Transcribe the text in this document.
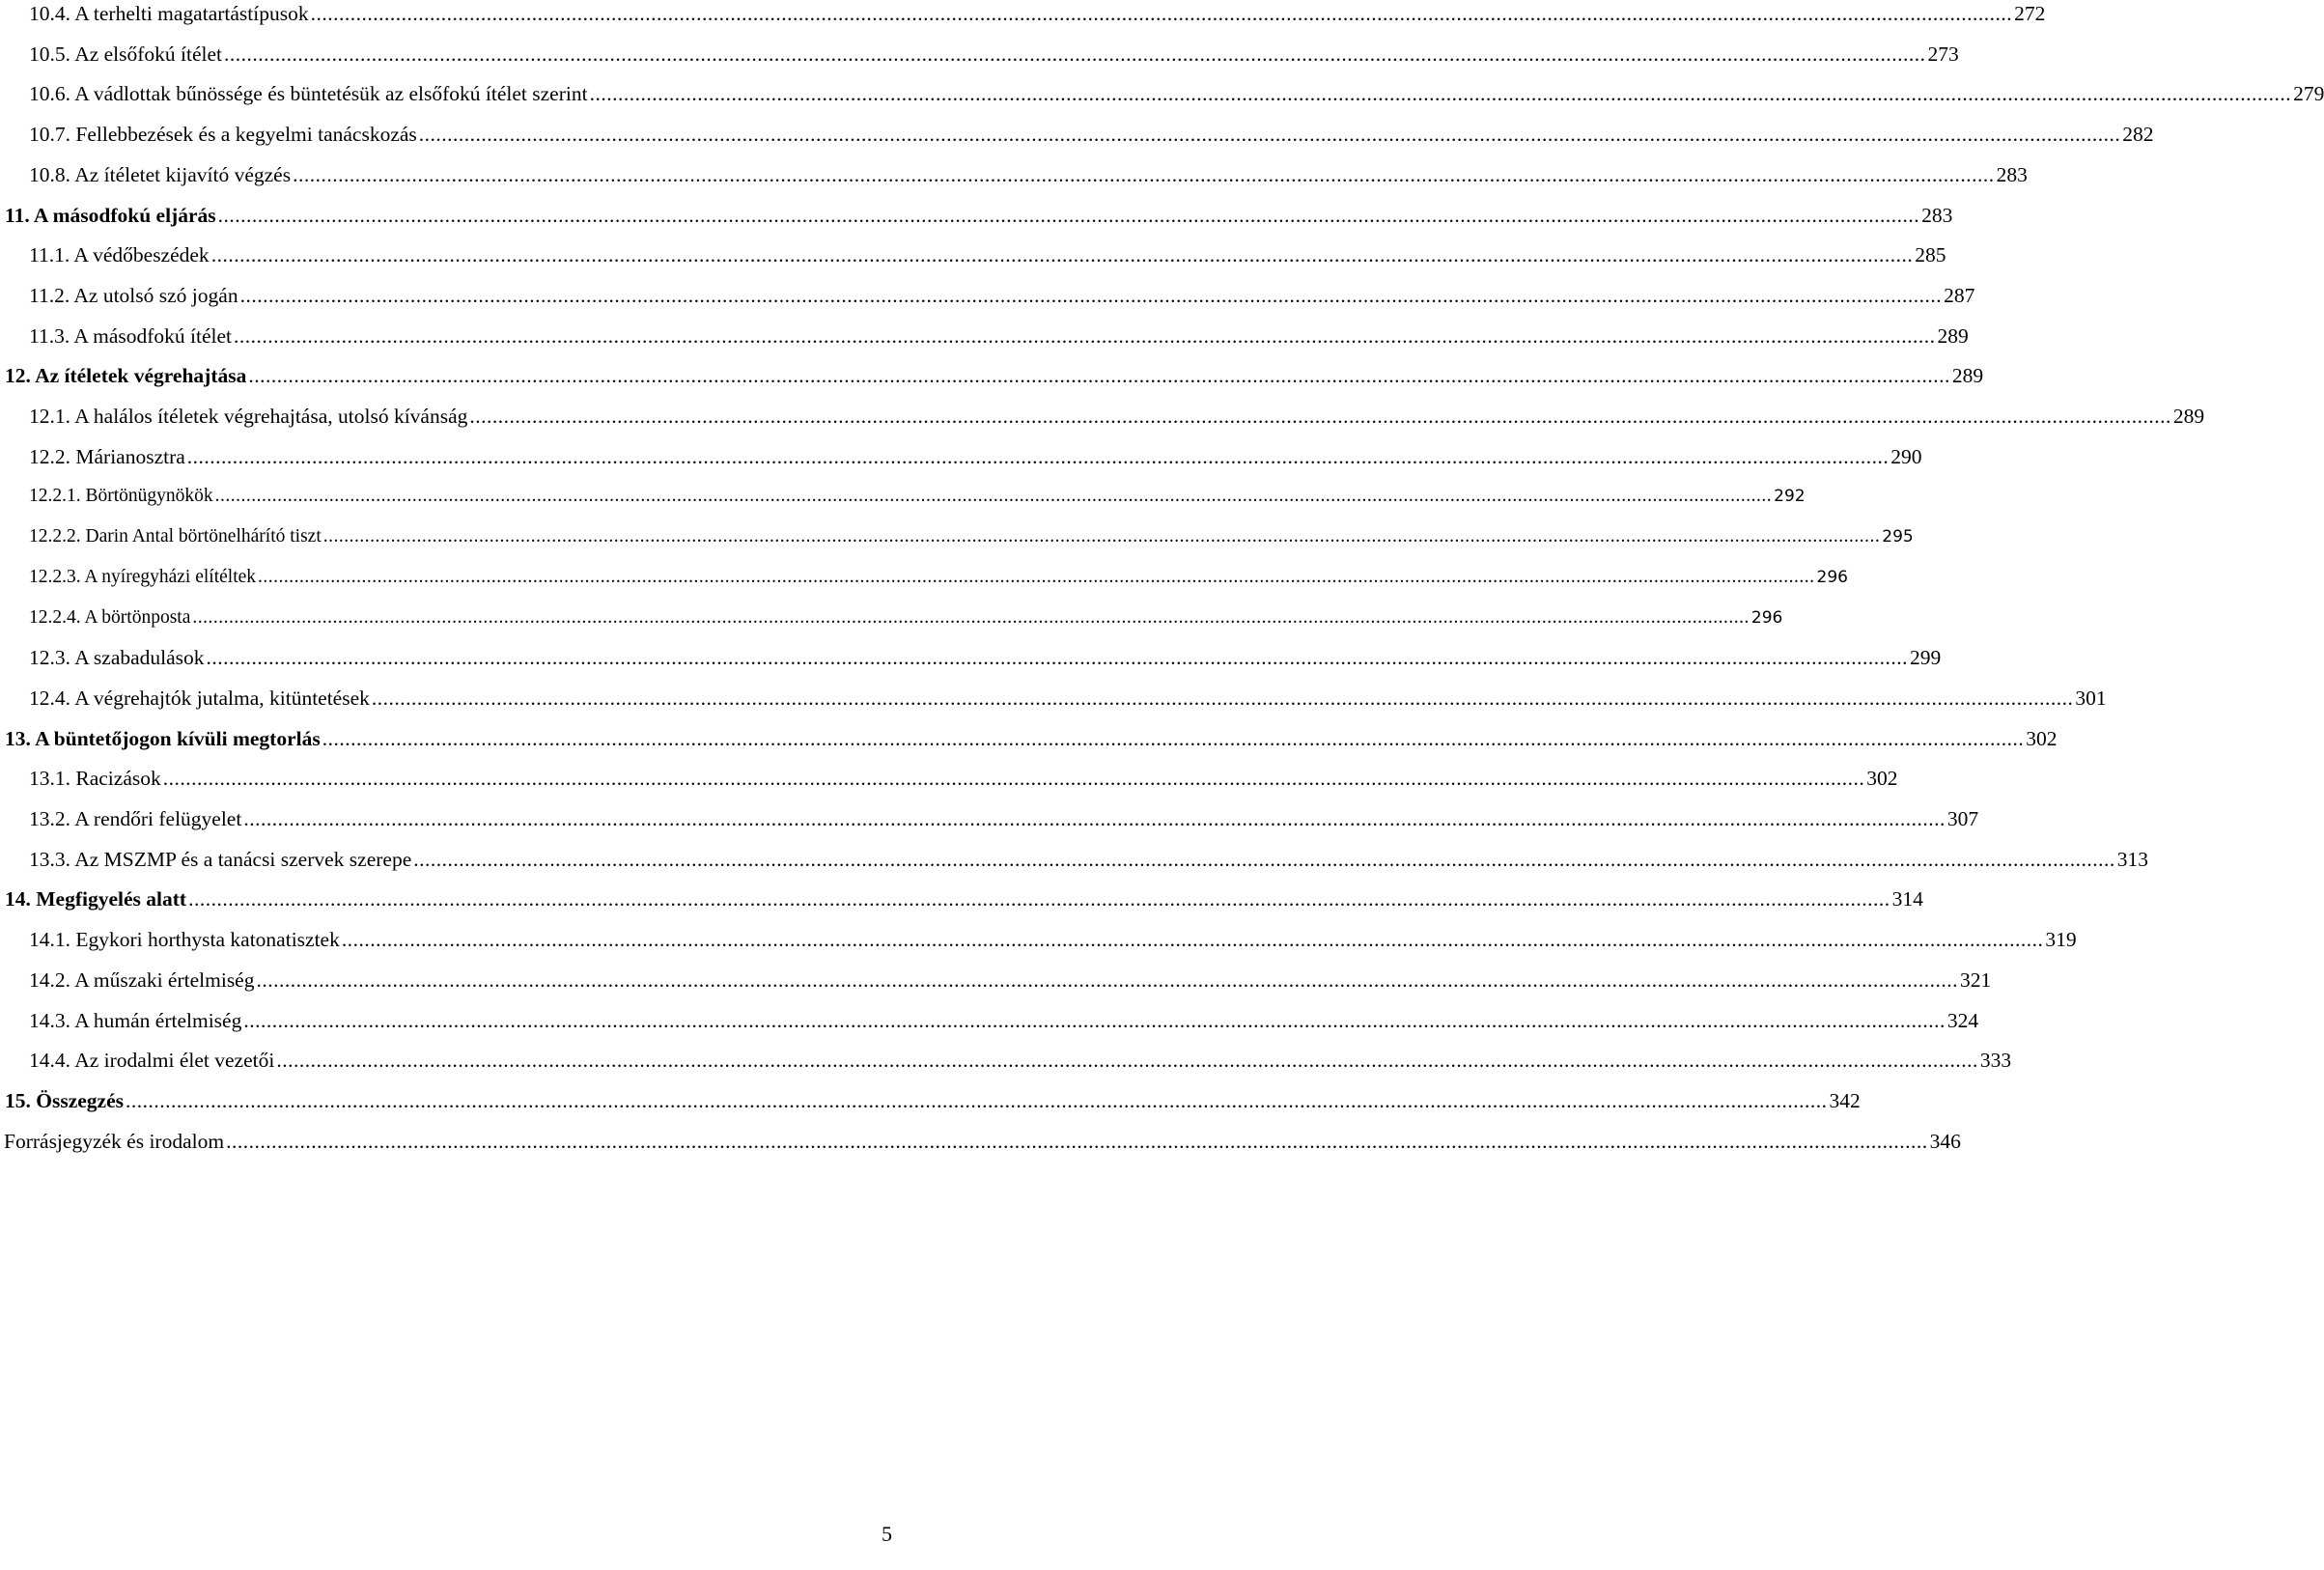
10.4. A terhelti magatartástípusok ............................................................................................................................................................................................................................................................................................................ 272
10.5. Az elsőfokú ítélet ............................................................................................................................................................................................................................................................................................................ 273
10.6. A vádlottak bűnössége és büntetésük az elsőfokú ítélet szerint ............................................................................................................................................................................................................................................................................................................ 279
10.7. Fellebbezések és a kegyelmi tanácskozás ............................................................................................................................................................................................................................................................................................................ 282
10.8. Az ítéletet kijavító végzés ............................................................................................................................................................................................................................................................................................................ 283
11. A másodfokú eljárás ............................................................................................................................................................................................................................................................................................................ 283
11.1. A védőbeszédek ............................................................................................................................................................................................................................................................................................................ 285
11.2. Az utolsó szó jogán ............................................................................................................................................................................................................................................................................................................ 287
11.3. A másodfokú ítélet ............................................................................................................................................................................................................................................................................................................ 289
12. Az ítéletek végrehajtása ............................................................................................................................................................................................................................................................................................................ 289
12.1. A halálos ítéletek végrehajtása, utolsó kívánság ............................................................................................................................................................................................................................................................................................................ 289
12.2. Márianosztra ............................................................................................................................................................................................................................................................................................................ 290
12.2.1. Börtönügynökök ............................................................................................................................................................................................................................................................................................................ 292
12.2.2. Darin Antal börtönelhárító tiszt ............................................................................................................................................................................................................................................................................................................ 295
12.2.3. A nyíregyházi elítéltek ............................................................................................................................................................................................................................................................................................................ 296
12.2.4. A börtönposta ............................................................................................................................................................................................................................................................................................................ 296
12.3. A szabadulások ............................................................................................................................................................................................................................................................................................................ 299
12.4. A végrehajtók jutalma, kitüntetések ............................................................................................................................................................................................................................................................................................................ 301
13. A büntetőjogon kívüli megtorlás ............................................................................................................................................................................................................................................................................................................ 302
13.1. Racizások ............................................................................................................................................................................................................................................................................................................ 302
13.2. A rendőri felügyelet ............................................................................................................................................................................................................................................................................................................ 307
13.3. Az MSZMP és a tanácsi szervek szerepe ............................................................................................................................................................................................................................................................................................................ 313
14. Megfigyelés alatt ............................................................................................................................................................................................................................................................................................................ 314
14.1. Egykori horthysta katonatisztek ............................................................................................................................................................................................................................................................................................................ 319
14.2. A műszaki értelmiség ............................................................................................................................................................................................................................................................................................................ 321
14.3. A humán értelmiség ............................................................................................................................................................................................................................................................................................................ 324
14.4. Az irodalmi élet vezetői ............................................................................................................................................................................................................................................................................................................ 333
15. Összegzés ............................................................................................................................................................................................................................................................................................................ 342
Forrásjegyzék és irodalom ............................................................................................................................................................................................................................................................................................................ 346
5
